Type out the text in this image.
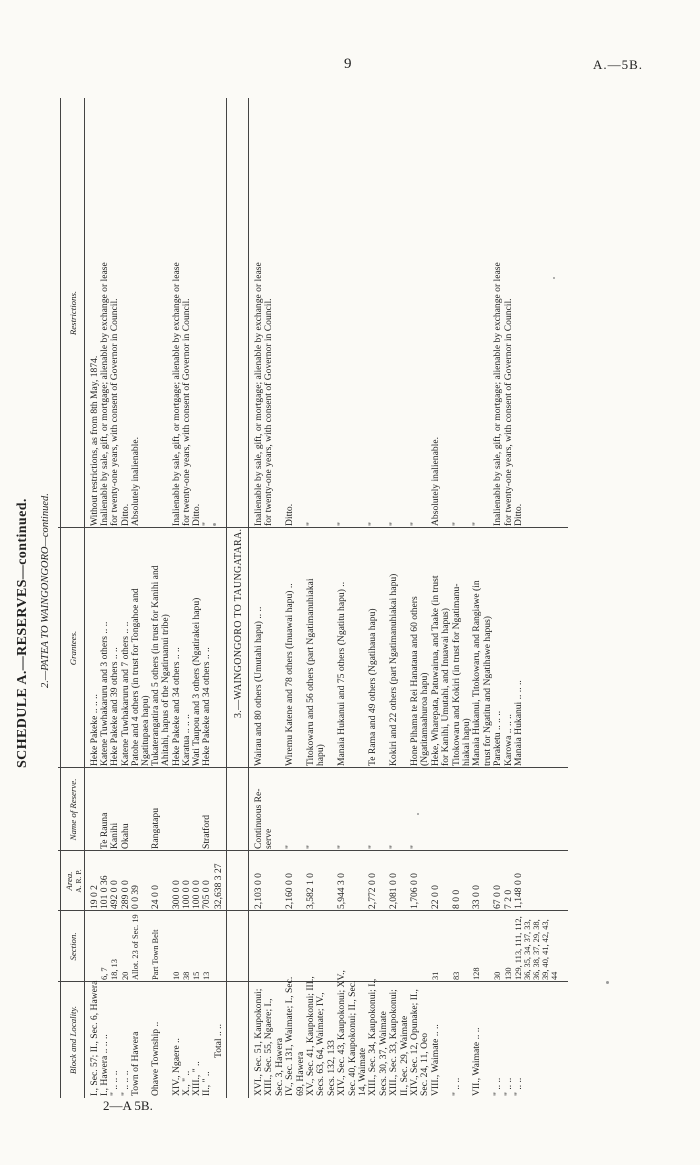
9	A.—5B.
2—A 5B.
SCHEDULE A.—RESERVES—continued. 2.—PATEA TO WAINGONGORO—continued.
Block and Locality.
Section.
Area. A. R. P.
Name of Reserve.
Grantees.
Restrictions.
I., Sec. 57; II., Sec. 6, Hawera
19 0 2
Heke Pakeke .. .. ..
Without restrictions, as from 8th May, 1874.
I., Hawera .. .. ..
6, 7
101 0 36
Te Rauna
Katene Tuwhakaruru and 3 others .. ..
Inalienable by sale, gift, or mortgage; alienable by exchange or lease
" .. .. ..
18, 13
492 0 0
Kanihi
Heke Pakeke and 39 others .. ..
for twenty-one years, with consent of Governor in Council.
" .. .. ..
20
289 0 0
Okahu
Katene Tuwhakaruru and 7 others .. ..
Ditto.
Town of Hawera
Allot. 23 of Sec. 19
0 0 39
Patohe and 4 others (in trust for Tongahoe and
Absolutely inalienable.
Ngatitupaea hapu)
Ohawe Township ..
Part Town Belt
24 0 0
Rangatapu
Tukaterangatira and 5 others (in trust for Kanihi and Ahitahi, hapus of the Ngatiruanui tribe)
XIV., Ngaere ..
10
300 0 0
Heke Pakeke and 34 others .. ..
Inalienable by sale, gift, or mortgage; alienable by exchange or lease
X., " ..
38
100 0 0
Karatua .. .. ..
for twenty-one years, with consent of Governor in Council.
XIII., " ..
15
100 0 0
Wati Taupou and 3 others (Ngatirakei hapu)
Ditto.
II., " ..
13
705 0 0
Stratford
Heke Pakeke and 34 others .. ..
"
Total .. ..
32,638 3 27
3.—WAINGONGORO TO TAUNGATARA.
XVI., Sec. 51, Kaupokonui;
2,103 0 0
Continuous Re-
Wairau and 80 others (Umutahi hapu) .. ..
Inalienable by sale, gift, or mortgage; alienable by exchange or lease
XIII., Sec. 55, Ngaere; I.,
serve
for twenty-one years, with consent of Governor in Council.
Sec. 3, Hawera IV., Sec. 131, Waimate; I., Sec.
2,160 0 0
"
Wiremu Katene and 78 others (Inuawai hapu) ..
Ditto.
69, Hawera XV., Sec. 41, Kaupokonui; III.,
3,582 1 0
"
Titokowaru and 56 others (part Ngatimanuhiakai
"
Secs. 63, 64, Waimate; IV.,
hapu)
Secs. 132, 133 XIV., Sec. 43, Kaupokonui; XV.,
5,944 3 0
"
Manaia Hukanui and 75 others (Ngatitu hapu) ..
"
Sec. 40, Kaupokonui; II., Sec. 14, Waimate XIII., Sec. 34, Kaupokonui; I.,
2,772 0 0
"
Te Rama and 49 others (Ngatihaua hapu)
"
Secs. 30, 37, Waimate XIII., Sec. 33, Kaupokonui;
2,081 0 0
"
Kokiri and 22 others (part Ngatimanuhiakai hapu)
"
II., Sec. 29, Waimate XIV., Sec. 12, Opunake; II.,
1,706 0 0
"
Hone Pihama te Rei Hanataua and 60 others
"
Sec. 24, 11, Oeo
(Ngatitamaahuroa hapu)
VIII., Waimate .. ..
31
22 0 0
Heke, Wharepata, Patuwairua, and Taake (in trust
Absolutely inalienable.
for Kanihi, Umutahi, and Inuawai hapus)
" .. ..
83
8 0 0
Titokowaru and Kokiri (in trust for Ngatimanu-
"
hiakai hapu)
VII., Waimate .. ..
128
33 0 0
Manaia Hukanui, Titokowaru, and Rangiawe (in
"
trust for Ngatitu and Ngatihawe hapus)
" .. ..
30
67 0 0
Paraketu .. .. ..
Inalienable by sale, gift, or mortgage; alienable by exchange or lease
" .. ..
130
7 2 0
Karowa .. .. ..
for twenty-one years, with consent of Governor in Council.
" .. ..
129, 113, 111, 112, 36, 35, 34, 37, 33, 36, 38, 37, 29, 38, 39, 40, 41, 42, 43, 44
1,148 0 0
Manaia Hukanui .. .. ..
Ditto.
